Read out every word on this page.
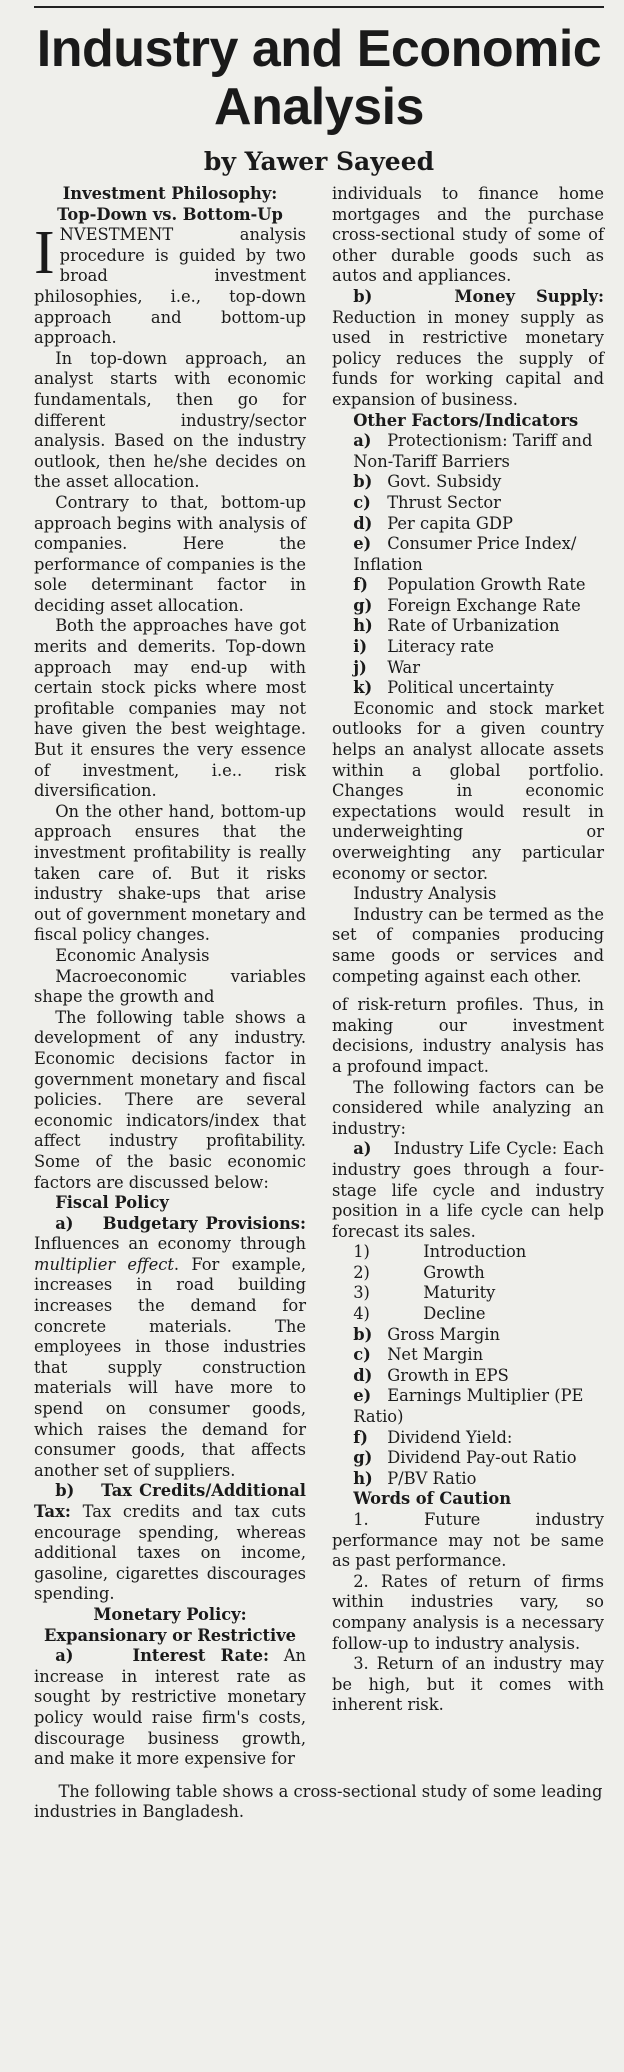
Industry and Economic Analysis
by Yawer Sayeed
Investment Philosophy:
Top-Down vs. Bottom-Up

INVESTMENT analysis procedure is guided by two broad investment philosophies, i.e., top-down approach and bottom-up approach.

In top-down approach, an analyst starts with economic fundamentals, then go for different industry/sector analysis. Based on the industry outlook, then he/she decides on the asset allocation.

Contrary to that, bottom-up approach begins with analysis of companies. Here the performance of companies is the sole determinant factor in deciding asset allocation.

Both the approaches have got merits and demerits. Top-down approach may end-up with certain stock picks where most profitable companies may not have given the best weightage. But it ensures the very essence of investment, i.e.. risk diversification.

On the other hand, bottom-up approach ensures that the investment profitability is really taken care of. But it risks industry shake-ups that arise out of government monetary and fiscal policy changes.

Economic Analysis

Macroeconomic variables shape the growth and

The following table shows a development of any industry. Economic decisions factor in government monetary and fiscal policies. There are several economic indicators/index that affect industry profitability. Some of the basic economic factors are discussed below:

Fiscal Policy

a) Budgetary Provisions: Influences an economy through multiplier effect. For example, increases in road building increases the demand for concrete materials. The employees in those industries that supply construction materials will have more to spend on consumer goods, which raises the demand for consumer goods, that affects another set of suppliers.

b) Tax Credits/Additional Tax: Tax credits and tax cuts encourage spending, whereas additional taxes on income, gasoline, cigarettes discourages spending.

Monetary Policy: Expansionary or Restrictive

a)	Interest Rate: An increase in interest rate as sought by restrictive monetary policy would raise firm's costs, discourage business growth, and make it more expensive for

individuals to finance home mortgages and the purchase cross-sectional study of some of other durable goods such as autos and appliances.

b)	Money Supply: Reduction in money supply as used in restrictive monetary policy reduces the supply of funds for working capital and expansion of business.

Other Factors/Indicators
a) Protectionism: Tariff and Non-Tariff Barriers
b) Govt. Subsidy
c) Thrust Sector
d) Per capita GDP
e) Consumer Price Index/ Inflation
f) Population Growth Rate
g) Foreign Exchange Rate
h) Rate of Urbanization
i) Literacy rate
j) War
k) Political uncertainty

Economic and stock market outlooks for a given country helps an analyst allocate assets within a global portfolio. Changes in economic expectations would result in underweighting or overweighting any particular economy or sector.

Industry Analysis

Industry can be termed as the set of companies producing same goods or services and competing against each other.

of risk-return profiles. Thus, in making our investment decisions, industry analysis has a profound impact.

The following factors can be considered while analyzing an industry:

a) Industry Life Cycle: Each industry goes through a four-stage life cycle and industry position in a life cycle can help forecast its sales.

1)	Introduction
2)	Growth
3)	Maturity
4)	Decline
b) Gross Margin
c) Net Margin
d) Growth in EPS
e) Earnings Multiplier (PE Ratio)
f) Dividend Yield:
g) Dividend Pay-out Ratio
h) P/BV Ratio
Words of Caution

1. Future industry performance may not be same as past performance.

2. Rates of return of firms within industries vary, so company analysis is a necessary follow-up to industry analysis.

3. Return of an industry may be high, but it comes with inherent risk.

The following table shows a cross-sectional study of some leading industries in Bangladesh.
